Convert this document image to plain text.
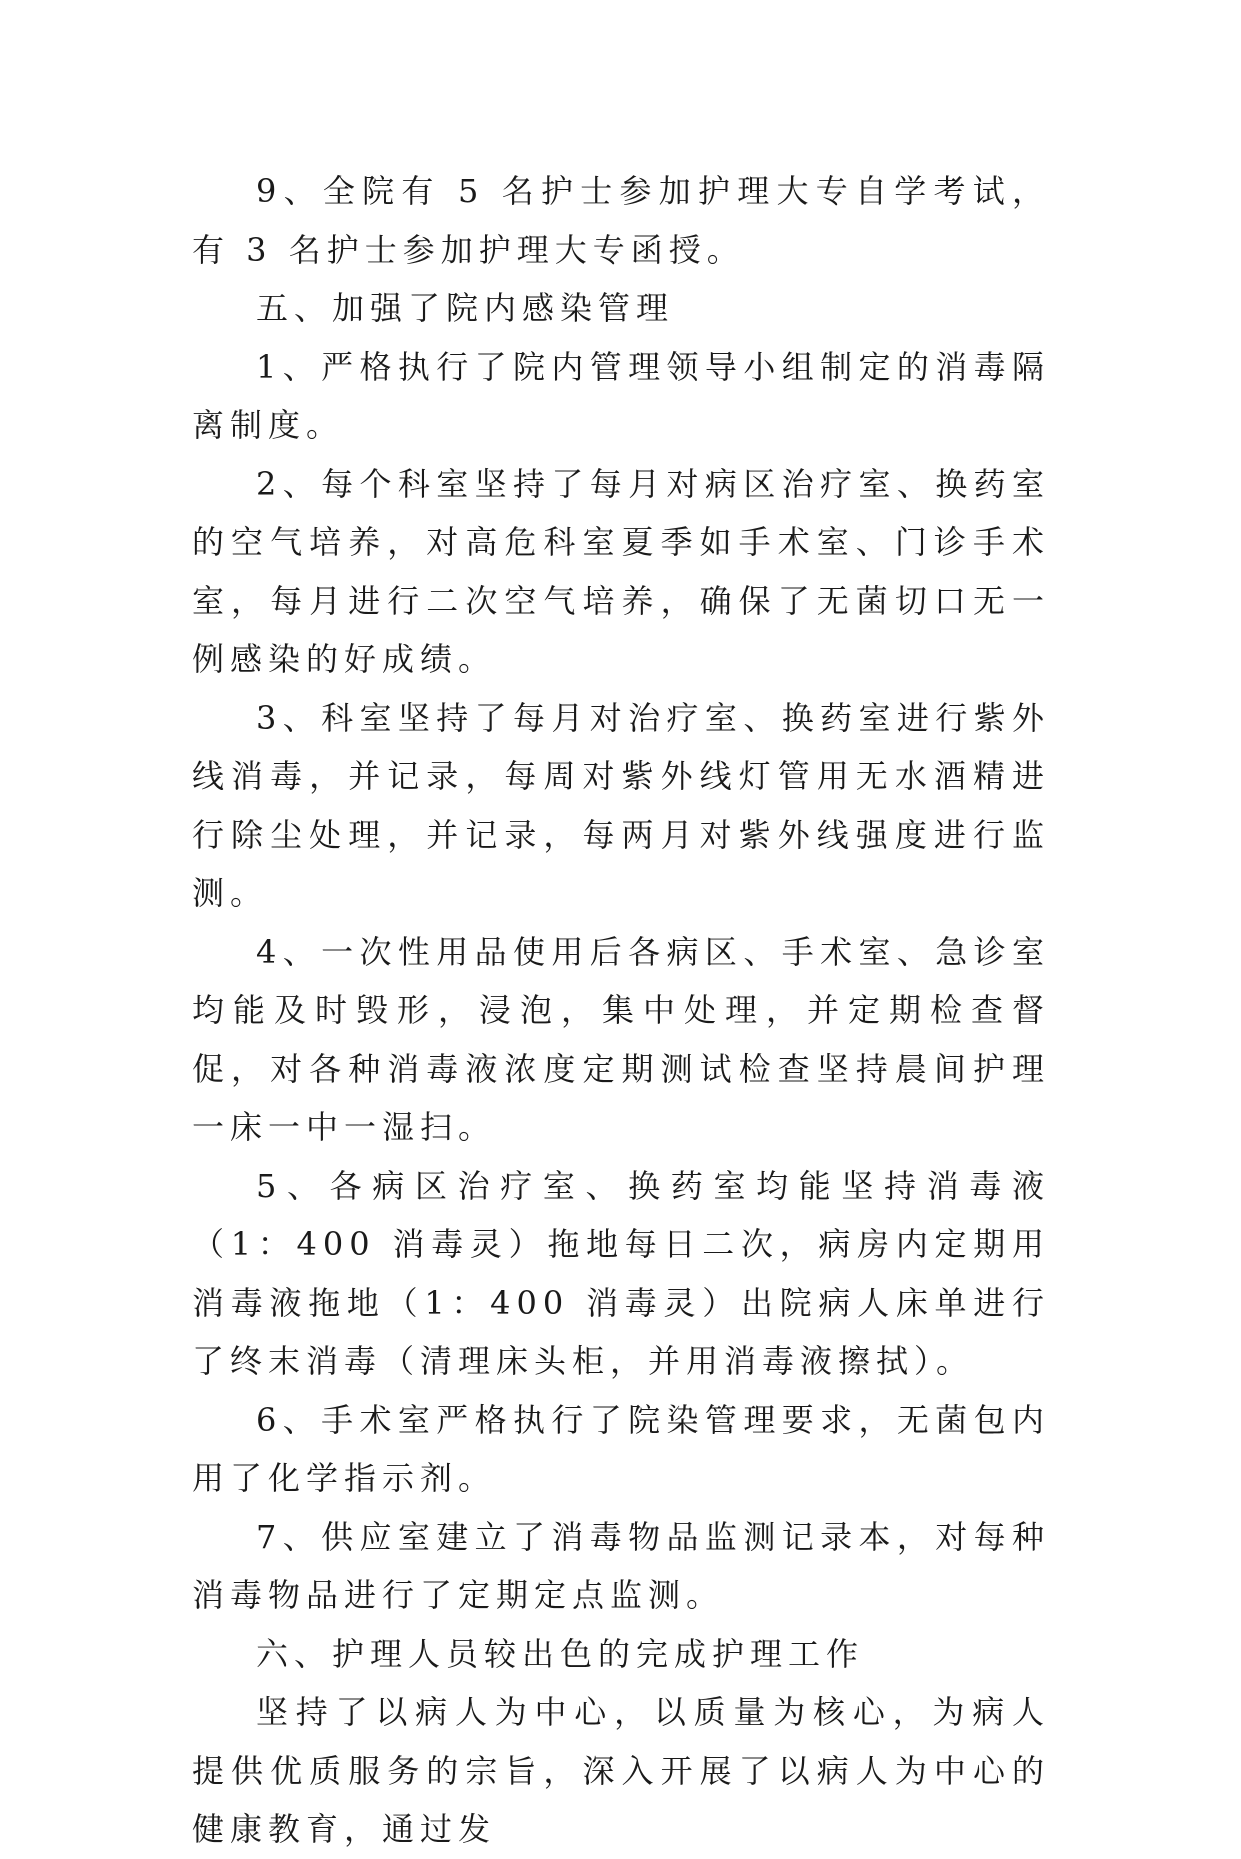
9、全院有 5 名护士参加护理大专自学考试，有 3 名护士参加护理大专函授。

五、加强了院内感染管理

1、严格执行了院内管理领导小组制定的消毒隔离制度。

2、每个科室坚持了每月对病区治疗室、换药室的空气培养，对高危科室夏季如手术室、门诊手术室，每月进行二次空气培养，确保了无菌切口无一例感染的好成绩。

3、科室坚持了每月对治疗室、换药室进行紫外线消毒，并记录，每周对紫外线灯管用无水酒精进行除尘处理，并记录，每两月对紫外线强度进行监测。

4、一次性用品使用后各病区、手术室、急诊室均能及时毁形，浸泡，集中处理，并定期检查督促，对各种消毒液浓度定期测试检查坚持晨间护理一床一中一湿扫。

5、各病区治疗室、换药室均能坚持消毒液（1：400 消毒灵）拖地每日二次，病房内定期用消毒液拖地（1：400 消毒灵）出院病人床单进行了终末消毒（清理床头柜，并用消毒液擦拭）。

6、手术室严格执行了院染管理要求，无菌包内用了化学指示剂。

7、供应室建立了消毒物品监测记录本，对每种消毒物品进行了定期定点监测。

六、护理人员较出色的完成护理工作

坚持了以病人为中心，以质量为核心，为病人提供优质服务的宗旨，深入开展了以病人为中心的健康教育，通过发
